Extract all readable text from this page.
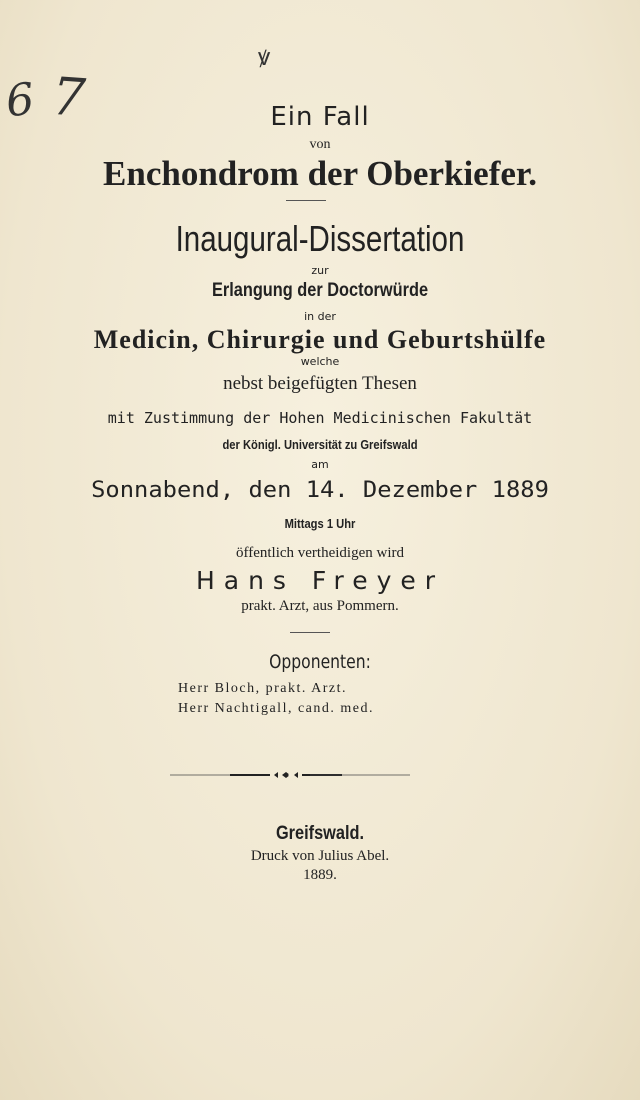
6 7
ꝟ
Ein Fall
von
Enchondrom der Oberkiefer.
Inaugural-Dissertation
zur
Erlangung der Doctorwürde
in der
Medicin, Chirurgie und Geburtshülfe
welche
nebst beigefügten Thesen
mit Zustimmung der Hohen Medicinischen Fakultät
der Königl. Universität zu Greifswald
am
Sonnabend, den 14. Dezember 1889
Mittags 1 Uhr
öffentlich vertheidigen wird
Hans Freyer
prakt. Arzt, aus Pommern.
Opponenten:
Herr Bloch, prakt. Arzt.
Herr Nachtigall, cand. med.
Greifswald.
Druck von Julius Abel.
1889.
